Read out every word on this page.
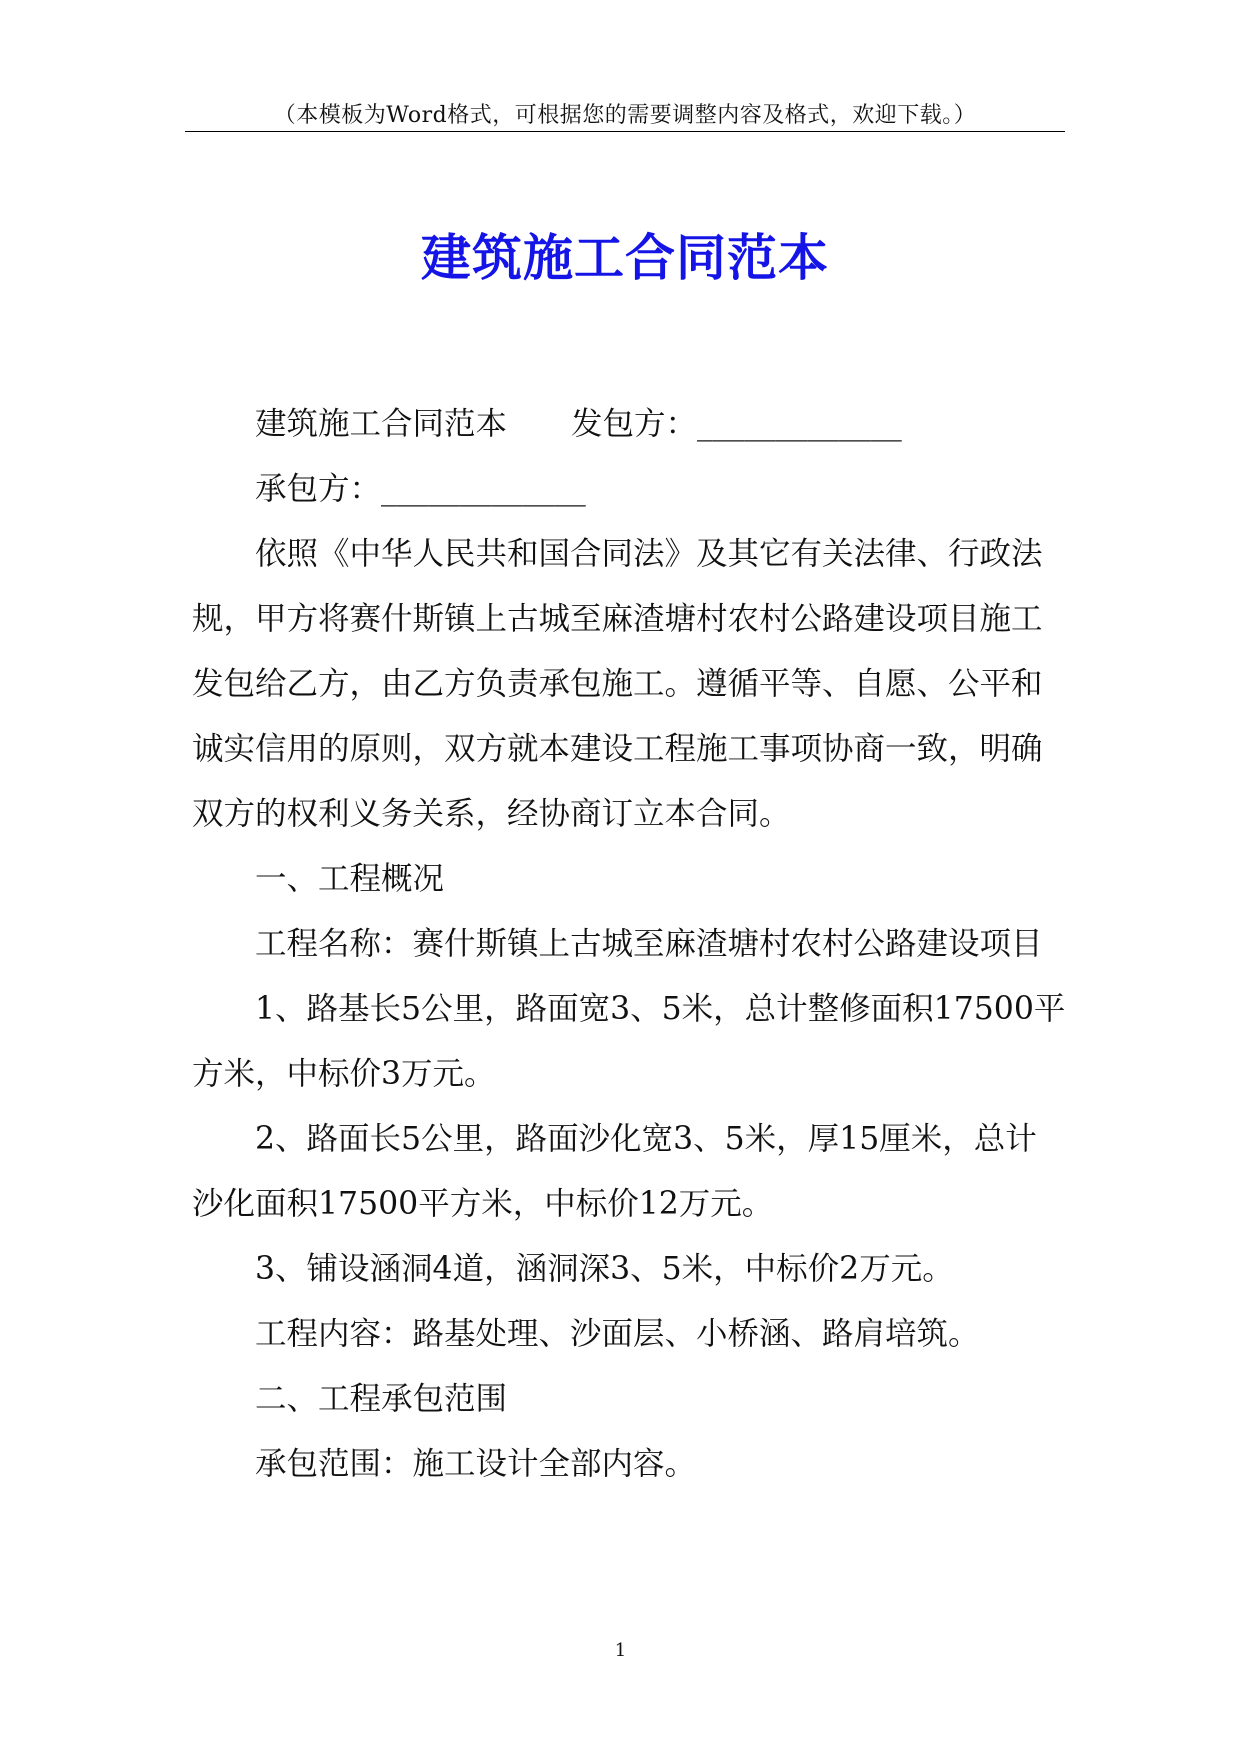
（本模板为Word格式，可根据您的需要调整内容及格式，欢迎下载。）
建筑施工合同范本

建筑施工合同范本 发包方：_____________

承包方：_____________

依照《中华人民共和国合同法》及其它有关法律、行政法规，甲方将赛什斯镇上古城至麻渣塘村农村公路建设项目施工发包给乙方，由乙方负责承包施工。遵循平等、自愿、公平和诚实信用的原则，双方就本建设工程施工事项协商一致，明确双方的权利义务关系，经协商订立本合同。

一、工程概况

工程名称：赛什斯镇上古城至麻渣塘村农村公路建设项目

1、路基长5公里，路面宽3、5米，总计整修面积17500平方米，中标价3万元。

2、路面长5公里，路面沙化宽3、5米，厚15厘米，总计沙化面积17500平方米，中标价12万元。

3、铺设涵洞4道，涵洞深3、5米，中标价2万元。

工程内容：路基处理、沙面层、小桥涵、路肩培筑。

二、工程承包范围

承包范围：施工设计全部内容。

1
